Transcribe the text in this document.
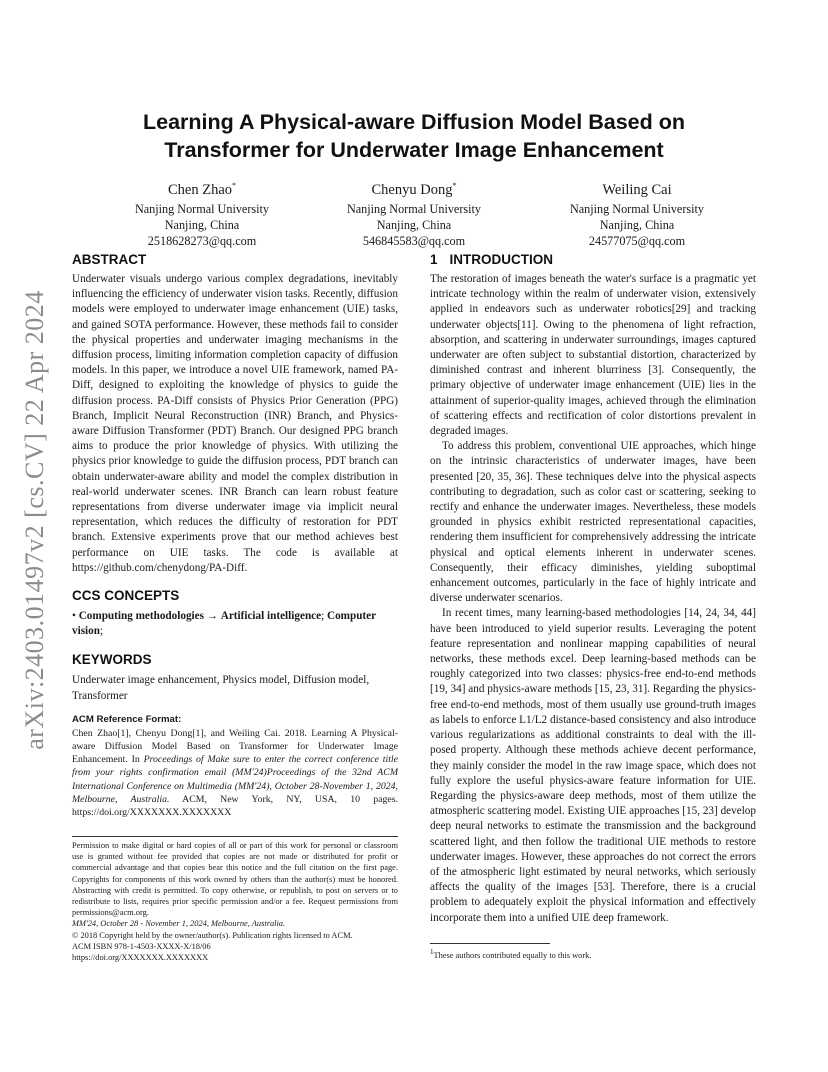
arXiv:2403.01497v2 [cs.CV] 22 Apr 2024
Learning A Physical-aware Diffusion Model Based on
Transformer for Underwater Image Enhancement
Chen Zhao*
Nanjing Normal University
Nanjing, China
2518628273@qq.com
Chenyu Dong*
Nanjing Normal University
Nanjing, China
546845583@qq.com
Weiling Cai
Nanjing Normal University
Nanjing, China
24577075@qq.com
ABSTRACT

Underwater visuals undergo various complex degradations, inevitably influencing the efficiency of underwater vision tasks. Recently, diffusion models were employed to underwater image enhancement (UIE) tasks, and gained SOTA performance. However, these methods fail to consider the physical properties and underwater imaging mechanisms in the diffusion process, limiting information completion capacity of diffusion models. In this paper, we introduce a novel UIE framework, named PA-Diff, designed to exploiting the knowledge of physics to guide the diffusion process. PA-Diff consists of Physics Prior Generation (PPG) Branch, Implicit Neural Reconstruction (INR) Branch, and Physics-aware Diffusion Transformer (PDT) Branch. Our designed PPG branch aims to produce the prior knowledge of physics. With utilizing the physics prior knowledge to guide the diffusion process, PDT branch can obtain underwater-aware ability and model the complex distribution in real-world underwater scenes. INR Branch can learn robust feature representations from diverse underwater image via implicit neural representation, which reduces the difficulty of restoration for PDT branch. Extensive experiments prove that our method achieves best performance on UIE tasks. The code is available at https://github.com/chenydong/PA-Diff.

CCS CONCEPTS

• Computing methodologies → Artificial intelligence; Computer vision;

KEYWORDS

Underwater image enhancement, Physics model, Diffusion model, Transformer

ACM Reference Format:

Chen Zhao[1], Chenyu Dong[1], and Weiling Cai. 2018. Learning A Physical-aware Diffusion Model Based on Transformer for Underwater Image Enhancement. In Proceedings of Make sure to enter the correct conference title from your rights confirmation email (MM'24)Proceedings of the 32nd ACM International Conference on Multimedia (MM'24), October 28-November 1, 2024, Melbourne, Australia. ACM, New York, NY, USA, 10 pages. https://doi.org/XXXXXXX.XXXXXXX

Permission to make digital or hard copies of all or part of this work for personal or classroom use is granted without fee provided that copies are not made or distributed for profit or commercial advantage and that copies bear this notice and the full citation on the first page. Copyrights for components of this work owned by others than the author(s) must be honored. Abstracting with credit is permitted. To copy otherwise, or republish, to post on servers or to redistribute to lists, requires prior specific permission and/or a fee. Request permissions from permissions@acm.org.

MM'24, October 28 - November 1, 2024, Melbourne, Australia.

© 2018 Copyright held by the owner/author(s). Publication rights licensed to ACM.

ACM ISBN 978-1-4503-XXXX-X/18/06

https://doi.org/XXXXXXX.XXXXXXX

1 INTRODUCTION

The restoration of images beneath the water's surface is a pragmatic yet intricate technology within the realm of underwater vision, extensively applied in endeavors such as underwater robotics[29] and tracking underwater objects[11]. Owing to the phenomena of light refraction, absorption, and scattering in underwater surroundings, images captured underwater are often subject to substantial distortion, characterized by diminished contrast and inherent blurriness [3]. Consequently, the primary objective of underwater image enhancement (UIE) lies in the attainment of superior-quality images, achieved through the elimination of scattering effects and rectification of color distortions prevalent in degraded images.

To address this problem, conventional UIE approaches, which hinge on the intrinsic characteristics of underwater images, have been presented [20, 35, 36]. These techniques delve into the physical aspects contributing to degradation, such as color cast or scattering, seeking to rectify and enhance the underwater images. Nevertheless, these models grounded in physics exhibit restricted representational capacities, rendering them insufficient for comprehensively addressing the intricate physical and optical elements inherent in underwater scenes. Consequently, their efficacy diminishes, yielding suboptimal enhancement outcomes, particularly in the face of highly intricate and diverse underwater scenarios.

In recent times, many learning-based methodologies [14, 24, 34, 44] have been introduced to yield superior results. Leveraging the potent feature representation and nonlinear mapping capabilities of neural networks, these methods excel. Deep learning-based methods can be roughly categorized into two classes: physics-free end-to-end methods [19, 34] and physics-aware methods [15, 23, 31]. Regarding the physics-free end-to-end methods, most of them usually use ground-truth images as labels to enforce L1/L2 distance-based consistency and also introduce various regularizations as additional constraints to deal with the ill-posed property. Although these methods achieve decent performance, they mainly consider the model in the raw image space, which does not fully explore the useful physics-aware feature information for UIE. Regarding the physics-aware deep methods, most of them utilize the atmospheric scattering model. Existing UIE approaches [15, 23] develop deep neural networks to estimate the transmission and the background scattered light, and then follow the traditional UIE methods to restore underwater images. However, these approaches do not correct the errors of the atmospheric light estimated by neural networks, which seriously affects the quality of the images [53]. Therefore, there is a crucial problem to adequately exploit the physical information and effectively incorporate them into a unified UIE deep framework.

$^1$These authors contributed equally to this work.
